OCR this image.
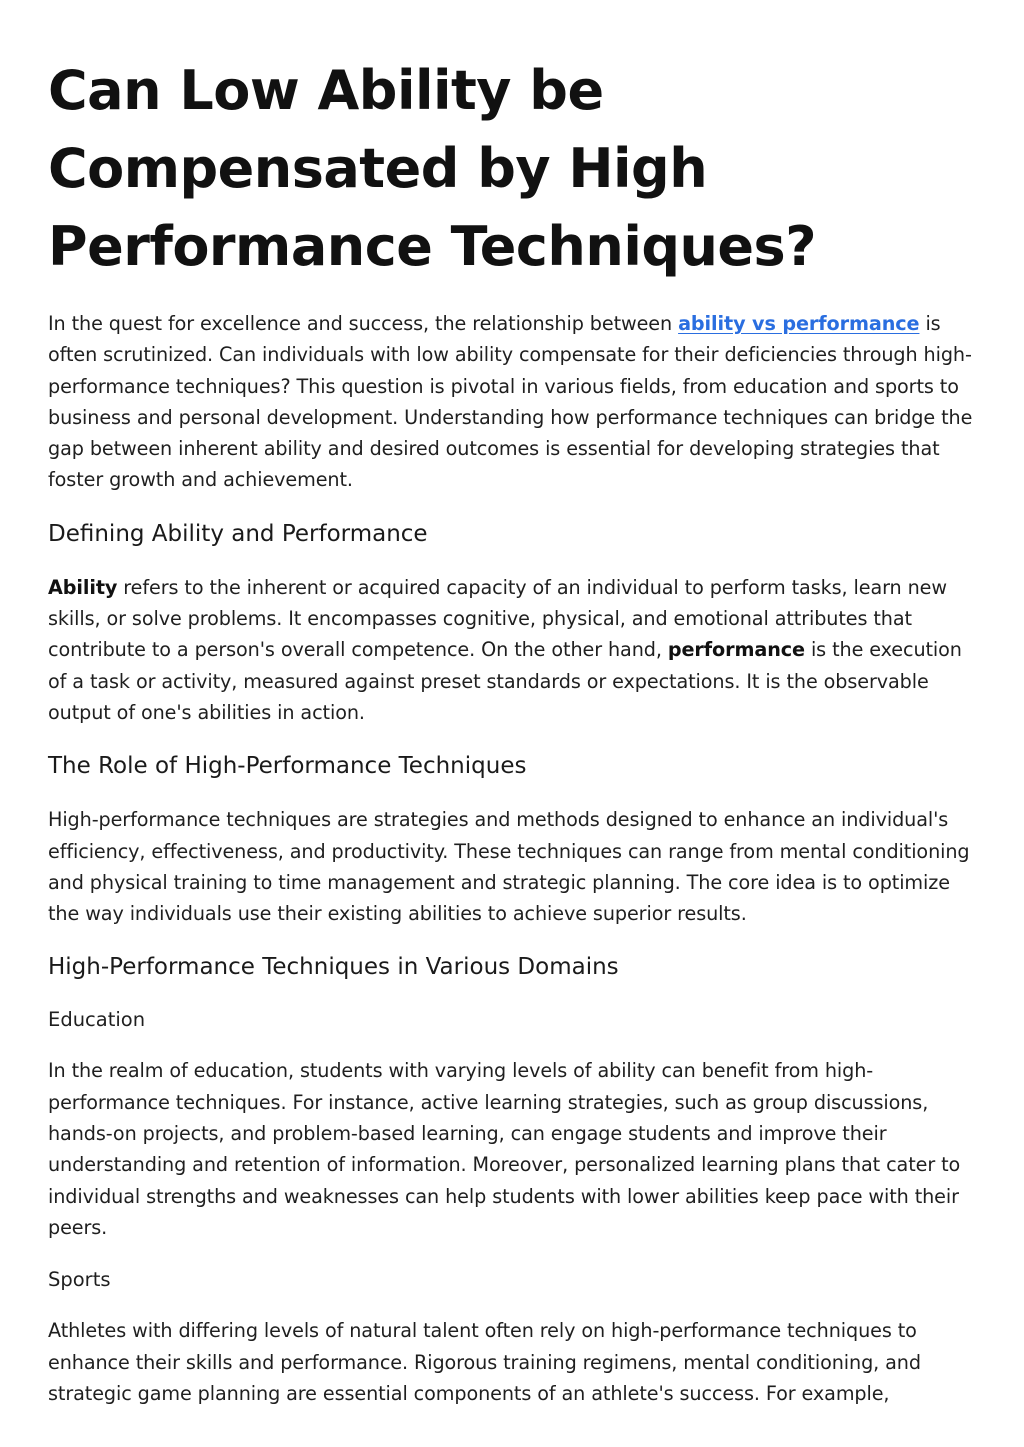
Can Low Ability be Compensated by High Performance Techniques?

In the quest for excellence and success, the relationship between ability vs performance is often scrutinized. Can individuals with low ability compensate for their deficiencies through high-performance techniques? This question is pivotal in various fields, from education and sports to business and personal development. Understanding how performance techniques can bridge the gap between inherent ability and desired outcomes is essential for developing strategies that foster growth and achievement.

Defining Ability and Performance

Ability refers to the inherent or acquired capacity of an individual to perform tasks, learn new skills, or solve problems. It encompasses cognitive, physical, and emotional attributes that contribute to a person's overall competence. On the other hand, performance is the execution of a task or activity, measured against preset standards or expectations. It is the observable output of one's abilities in action.

The Role of High-Performance Techniques

High-performance techniques are strategies and methods designed to enhance an individual's efficiency, effectiveness, and productivity. These techniques can range from mental conditioning and physical training to time management and strategic planning. The core idea is to optimize the way individuals use their existing abilities to achieve superior results.

High-Performance Techniques in Various Domains
Education

In the realm of education, students with varying levels of ability can benefit from high-performance techniques. For instance, active learning strategies, such as group discussions, hands-on projects, and problem-based learning, can engage students and improve their understanding and retention of information. Moreover, personalized learning plans that cater to individual strengths and weaknesses can help students with lower abilities keep pace with their peers.

Sports

Athletes with differing levels of natural talent often rely on high-performance techniques to enhance their skills and performance. Rigorous training regimens, mental conditioning, and strategic game planning are essential components of an athlete's success. For example,
